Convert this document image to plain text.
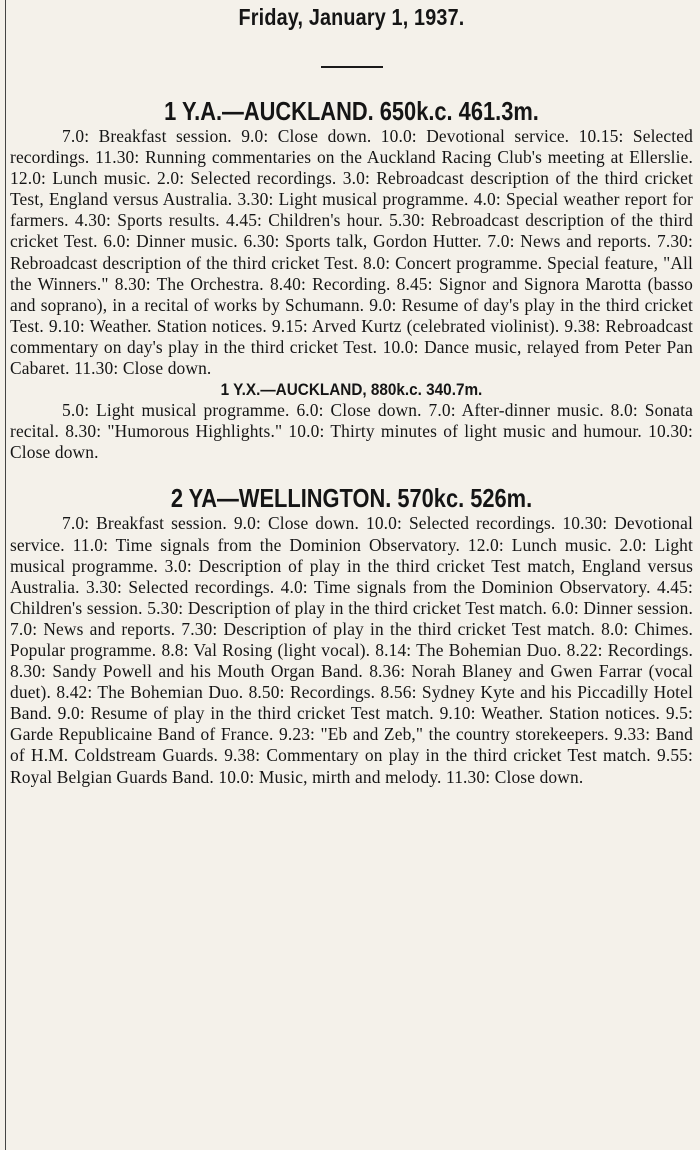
Friday, January 1, 1937.
1 Y.A.—AUCKLAND. 650k.c. 461.3m.

7.0: Breakfast session. 9.0: Close down. 10.0: Devotional service. 10.15: Selected recordings. 11.30: Running commentaries on the Auckland Racing Club's meeting at Ellerslie. 12.0: Lunch music. 2.0: Selected recordings. 3.0: Rebroadcast description of the third cricket Test, England versus Australia. 3.30: Light musical programme. 4.0: Special weather report for farmers. 4.30: Sports results. 4.45: Children's hour. 5.30: Rebroadcast description of the third cricket Test. 6.0: Dinner music. 6.30: Sports talk, Gordon Hutter. 7.0: News and reports. 7.30: Rebroadcast description of the third cricket Test. 8.0: Concert programme. Special feature, "All the Winners." 8.30: The Orchestra. 8.40: Recording. 8.45: Signor and Signora Marotta (basso and soprano), in a recital of works by Schumann. 9.0: Resume of day's play in the third cricket Test. 9.10: Weather. Station notices. 9.15: Arved Kurtz (celebrated violinist). 9.38: Rebroadcast commentary on day's play in the third cricket Test. 10.0: Dance music, relayed from Peter Pan Cabaret. 11.30: Close down.

1 Y.X.—AUCKLAND, 880k.c. 340.7m.

5.0: Light musical programme. 6.0: Close down. 7.0: After-dinner music. 8.0: Sonata recital. 8.30: "Humorous Highlights." 10.0: Thirty minutes of light music and humour. 10.30: Close down.

2 YA—WELLINGTON. 570kc. 526m.

7.0: Breakfast session. 9.0: Close down. 10.0: Selected recordings. 10.30: Devotional service. 11.0: Time signals from the Dominion Observatory. 12.0: Lunch music. 2.0: Light musical programme. 3.0: Description of play in the third cricket Test match, England versus Australia. 3.30: Selected recordings. 4.0: Time signals from the Dominion Observatory. 4.45: Children's session. 5.30: Description of play in the third cricket Test match. 6.0: Dinner session. 7.0: News and reports. 7.30: Description of play in the third cricket Test match. 8.0: Chimes. Popular programme. 8.8: Val Rosing (light vocal). 8.14: The Bohemian Duo. 8.22: Recordings. 8.30: Sandy Powell and his Mouth Organ Band. 8.36: Norah Blaney and Gwen Farrar (vocal duet). 8.42: The Bohemian Duo. 8.50: Recordings. 8.56: Sydney Kyte and his Piccadilly Hotel Band. 9.0: Resume of play in the third cricket Test match. 9.10: Weather. Station notices. 9.5: Garde Republicaine Band of France. 9.23: "Eb and Zeb," the country storekeepers. 9.33: Band of H.M. Coldstream Guards. 9.38: Commentary on play in the third cricket Test match. 9.55: Royal Belgian Guards Band. 10.0: Music, mirth and melody. 11.30: Close down.
